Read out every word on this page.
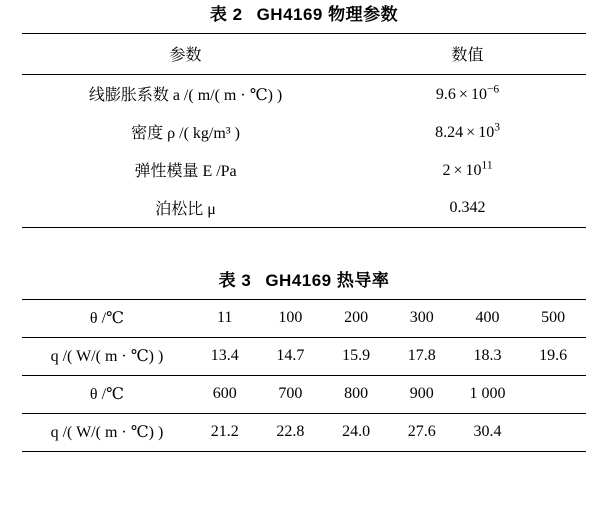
表 2 GH4169 物理参数
参数	数值
线膨胀系数 a /( m/( m · ℃) )	$9.6 \times 10^{-6}$
密度 ρ /( kg/m³ )	$8.24 \times 10^3$
弹性模量 E /Pa	$2 \times 10^{11}$
泊松比 μ	0.342
表 3 GH4169 热导率
θ /℃	11	100	200	300	400	500
q /( W/( m · ℃) )	13.4	14.7	15.9	17.8	18.3	19.6
θ /℃	600	700	800	900	1 000	
q /( W/( m · ℃) )	21.2	22.8	24.0	27.6	30.4	
